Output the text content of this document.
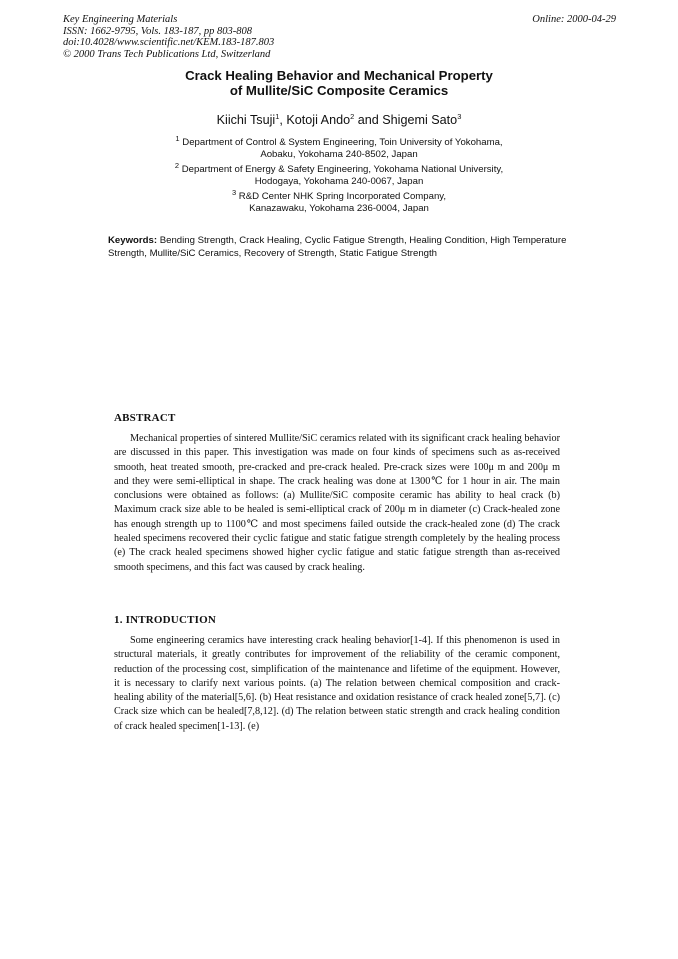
Key Engineering Materials
ISSN: 1662-9795, Vols. 183-187, pp 803-808
doi:10.4028/www.scientific.net/KEM.183-187.803
© 2000 Trans Tech Publications Ltd, Switzerland
Online: 2000-04-29
Crack Healing Behavior and Mechanical Property
of Mullite/SiC Composite Ceramics
Kiichi Tsuji$^1$, Kotoji Ando$^2$ and Shigemi Sato$^3$
$^1$ Department of Control & System Engineering, Toin University of Yokohama,
Aobaku, Yokohama 240-8502, Japan
$^2$ Department of Energy & Safety Engineering, Yokohama National University,
Hodogaya, Yokohama 240-0067, Japan
$^3$ R&D Center NHK Spring Incorporated Company,
Kanazawaku, Yokohama 236-0004, Japan
Keywords: Bending Strength, Crack Healing, Cyclic Fatigue Strength, Healing Condition, High Temperature Strength, Mullite/SiC Ceramics, Recovery of Strength, Static Fatigue Strength
ABSTRACT
Mechanical properties of sintered Mullite/SiC ceramics related with its significant crack healing behavior are discussed in this paper. This investigation was made on four kinds of specimens such as as-received smooth, heat treated smooth, pre-cracked and pre-crack healed. Pre-crack sizes were 100μ m and 200μ m and they were semi-elliptical in shape. The crack healing was done at 1300℃ for 1 hour in air. The main conclusions were obtained as follows: (a) Mullite/SiC composite ceramic has ability to heal crack (b) Maximum crack size able to be healed is semi-elliptical crack of 200μ m in diameter (c) Crack-healed zone has enough strength up to 1100℃ and most specimens failed outside the crack-healed zone (d) The crack healed specimens recovered their cyclic fatigue and static fatigue strength completely by the healing process (e) The crack healed specimens showed higher cyclic fatigue and static fatigue strength than as-received smooth specimens, and this fact was caused by crack healing.
1. INTRODUCTION
Some engineering ceramics have interesting crack healing behavior[1-4]. If this phenomenon is used in structural materials, it greatly contributes for improvement of the reliability of the ceramic component, reduction of the processing cost, simplification of the maintenance and lifetime of the equipment. However, it is necessary to clarify next various points. (a) The relation between chemical composition and crack-healing ability of the material[5,6]. (b) Heat resistance and oxidation resistance of crack healed zone[5,7]. (c) Crack size which can be healed[7,8,12]. (d) The relation between static strength and crack healing condition of crack healed specimen[1-13]. (e)
